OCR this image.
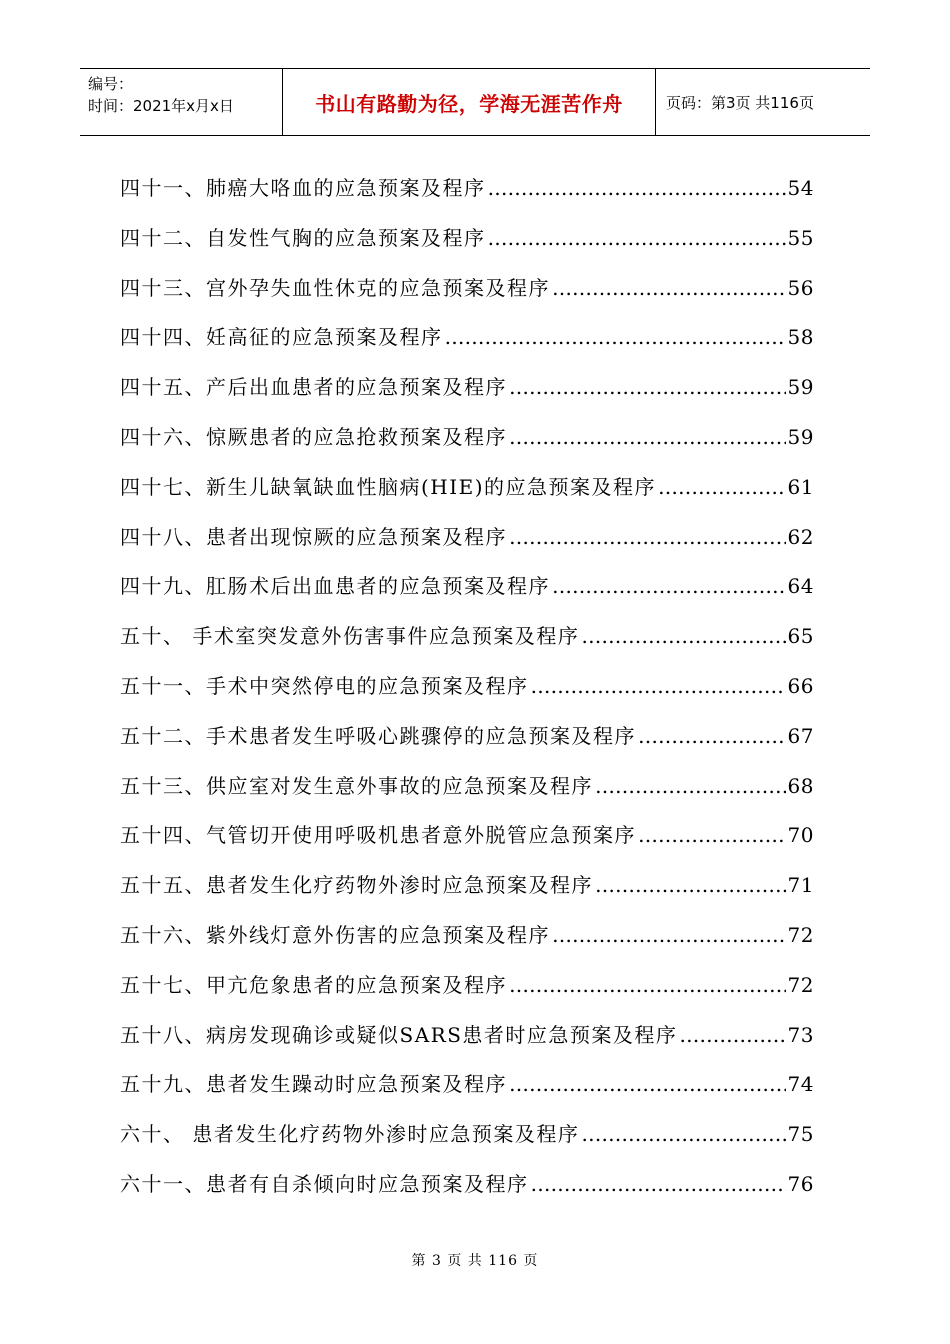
编号：
时间：2021年x月x日	书山有路勤为径，学海无涯苦作舟	页码：第3页 共116页
四十一、肺癌大咯血的应急预案及程序 …………………………………………………………………………………………………………………………	54
四十二、自发性气胸的应急预案及程序 …………………………………………………………………………………………………………………………	55
四十三、宫外孕失血性休克的应急预案及程序 …………………………………………………………………………………………………………………………	56
四十四、妊高征的应急预案及程序 …………………………………………………………………………………………………………………………	58
四十五、产后出血患者的应急预案及程序 …………………………………………………………………………………………………………………………	59
四十六、惊厥患者的应急抢救预案及程序 …………………………………………………………………………………………………………………………	59
四十七、新生儿缺氧缺血性脑病(HIE)的应急预案及程序 …………………………………………………………………………………………………………………………	61
四十八、患者出现惊厥的应急预案及程序 …………………………………………………………………………………………………………………………	62
四十九、肛肠术后出血患者的应急预案及程序 …………………………………………………………………………………………………………………………	64
五十、 手术室突发意外伤害事件应急预案及程序 …………………………………………………………………………………………………………………………	65
五十一、手术中突然停电的应急预案及程序 …………………………………………………………………………………………………………………………	66
五十二、手术患者发生呼吸心跳骤停的应急预案及程序 …………………………………………………………………………………………………………………………	67
五十三、供应室对发生意外事故的应急预案及程序 …………………………………………………………………………………………………………………………	68
五十四、气管切开使用呼吸机患者意外脱管应急预案序 …………………………………………………………………………………………………………………………	70
五十五、患者发生化疗药物外渗时应急预案及程序 …………………………………………………………………………………………………………………………	71
五十六、紫外线灯意外伤害的应急预案及程序 …………………………………………………………………………………………………………………………	72
五十七、甲亢危象患者的应急预案及程序 …………………………………………………………………………………………………………………………	72
五十八、病房发现确诊或疑似SARS患者时应急预案及程序 …………………………………………………………………………………………………………………………	73
五十九、患者发生躁动时应急预案及程序 …………………………………………………………………………………………………………………………	74
六十、 患者发生化疗药物外渗时应急预案及程序 …………………………………………………………………………………………………………………………	75
六十一、患者有自杀倾向时应急预案及程序 …………………………………………………………………………………………………………………………	76
第 3 页 共 116 页
